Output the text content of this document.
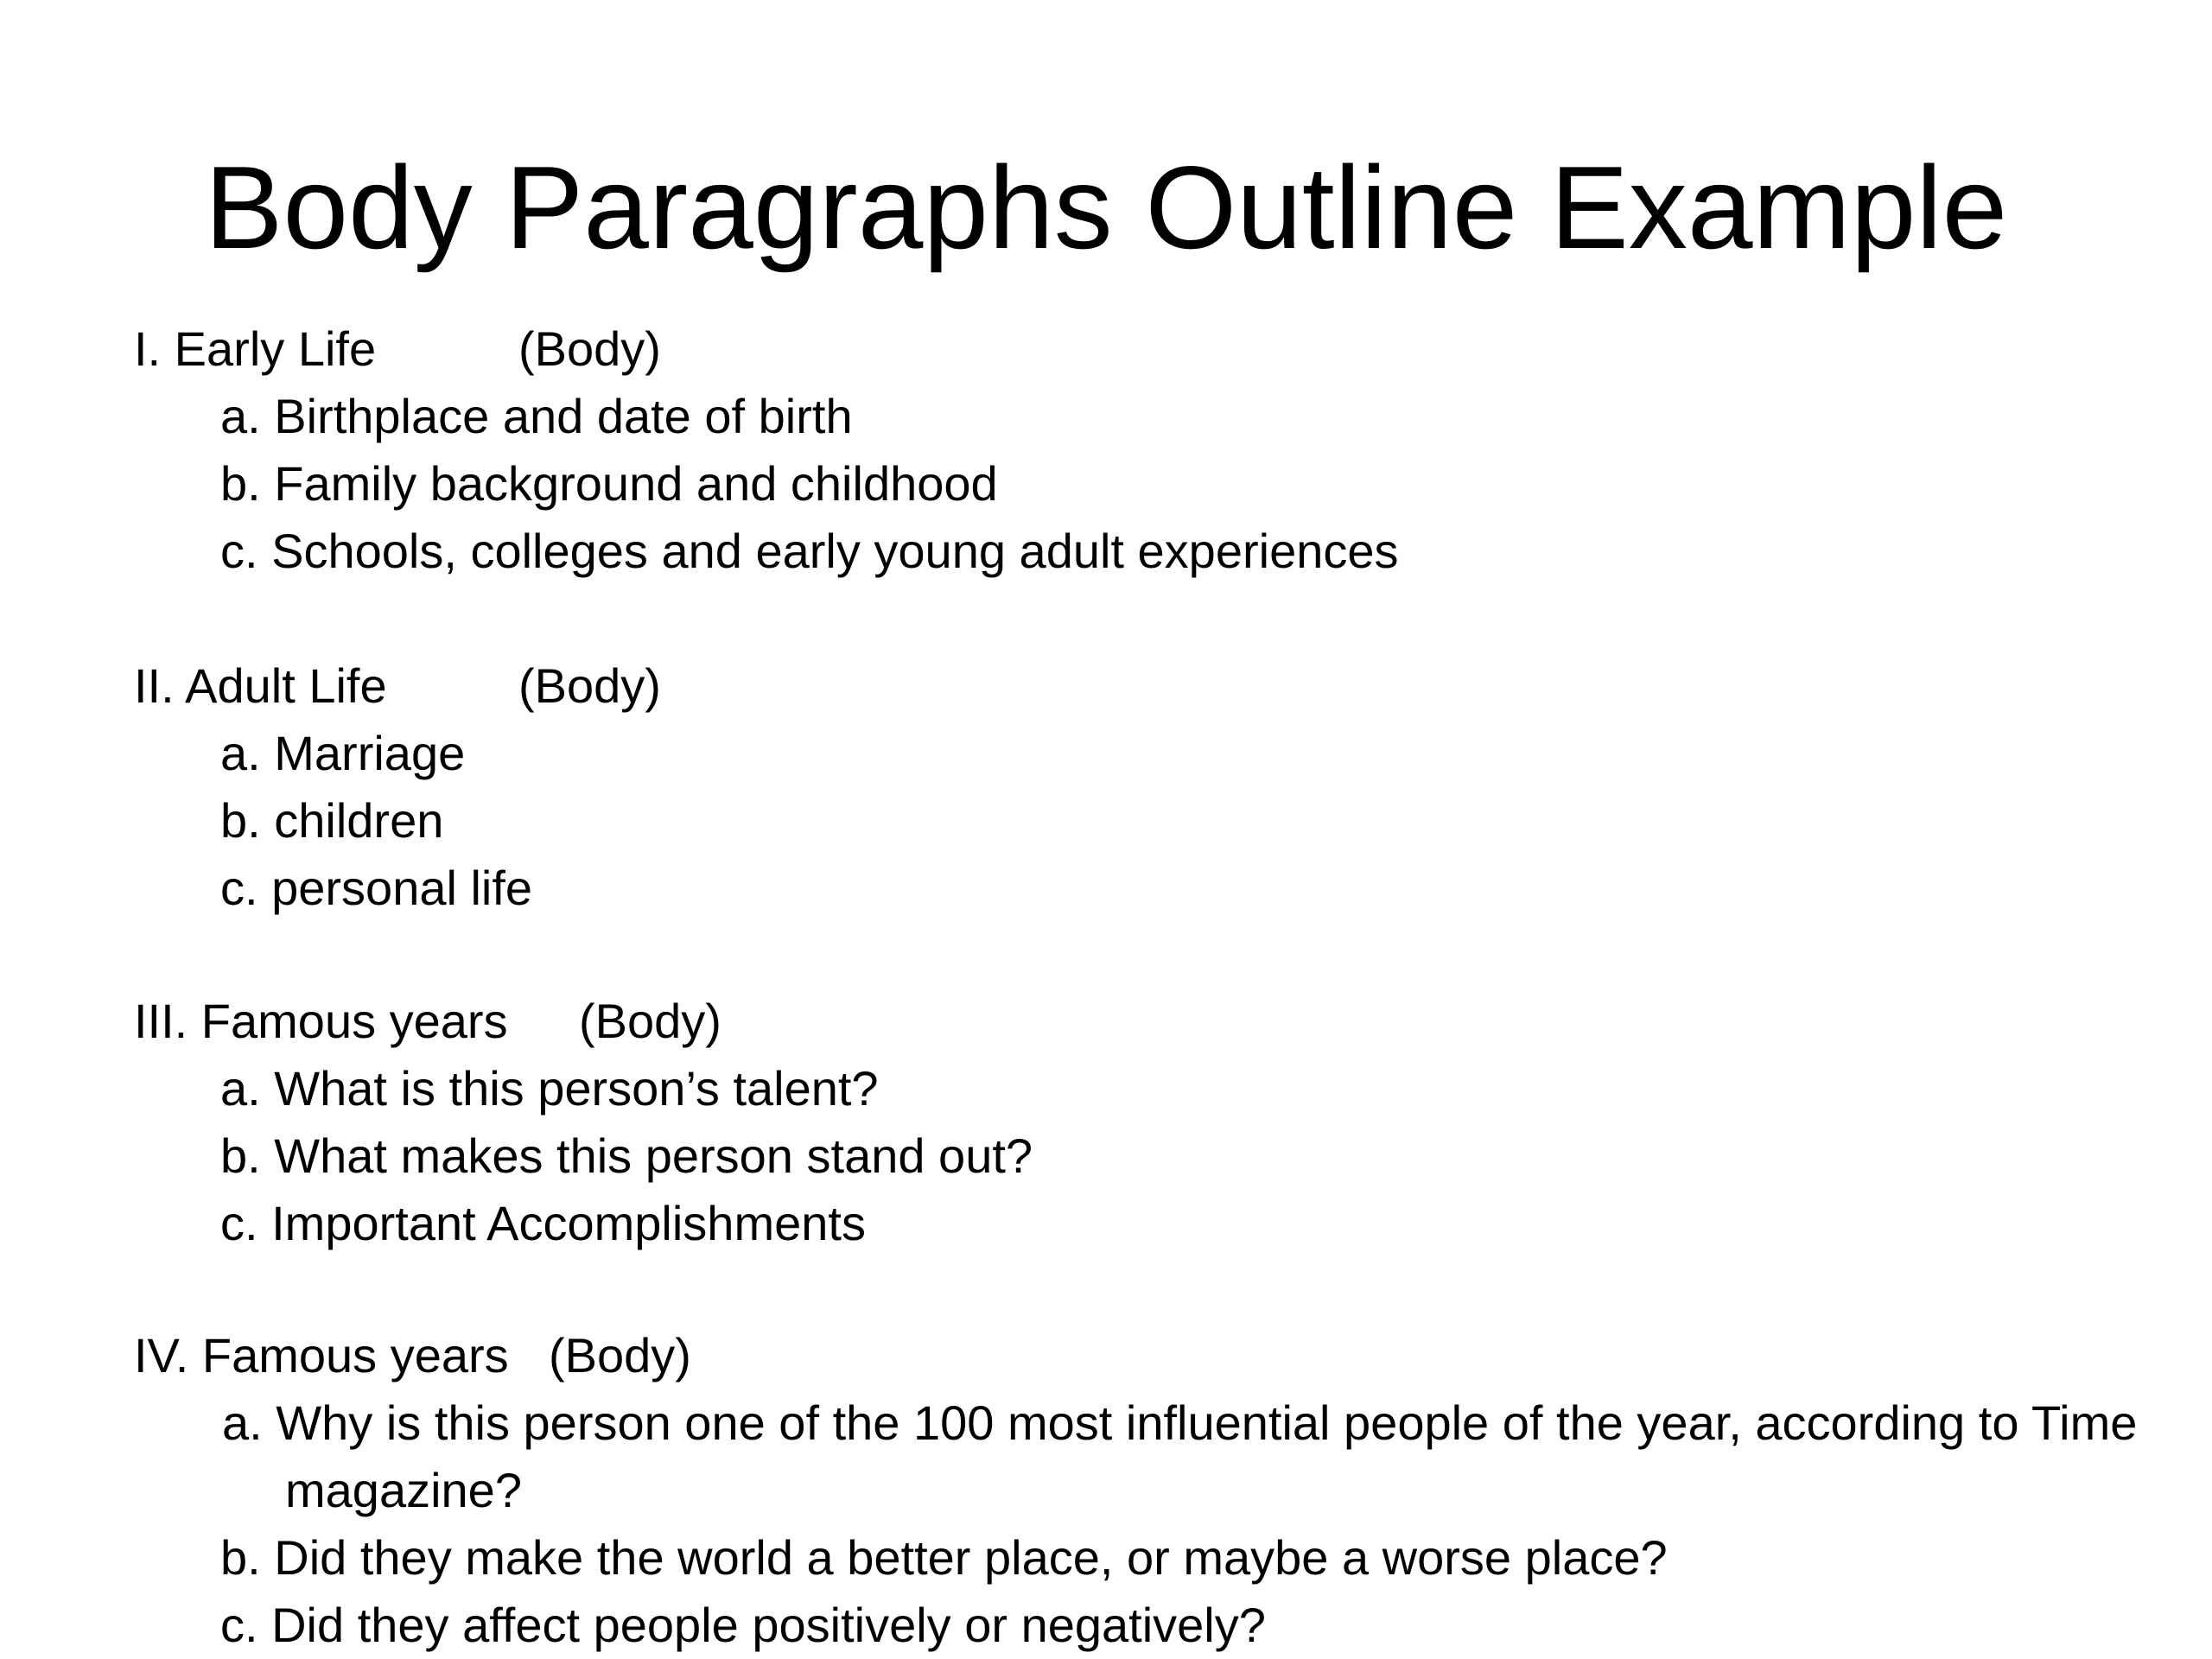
Body Paragraphs Outline Example
I. Early Life	(Body)
a. Birthplace and date of birth
b. Family background and childhood
c. Schools, colleges and early young adult experiences
II. Adult Life	(Body)
a. Marriage
b. children
c. personal life
III. Famous years (Body)
a. What is this person’s talent?
b. What makes this person stand out?
c. Important Accomplishments
IV. Famous years (Body)
a. Why is this person one of the 100 most influential people of the year, according to Time magazine?
b. Did they make the world a better place, or maybe a worse place?
c. Did they affect people positively or negatively?
